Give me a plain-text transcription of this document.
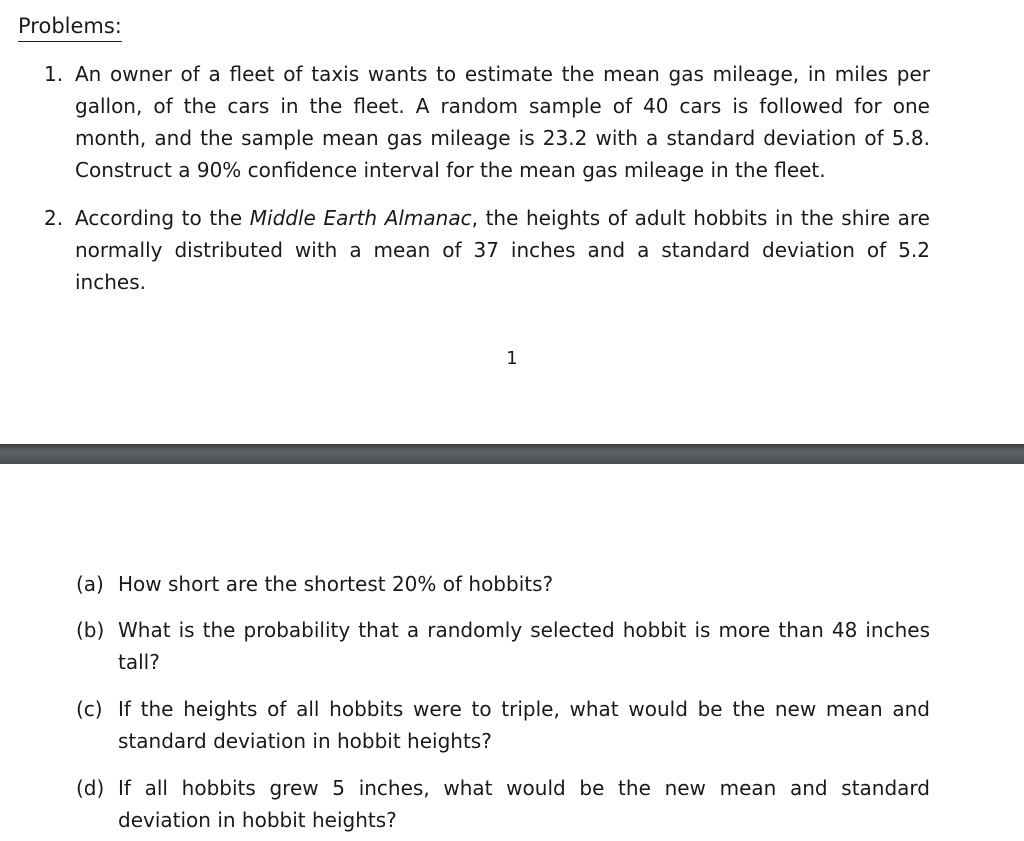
Problems:
1. An owner of a fleet of taxis wants to estimate the mean gas mileage, in miles per gallon, of the cars in the fleet. A random sample of 40 cars is followed for one month, and the sample mean gas mileage is 23.2 with a standard deviation of 5.8. Construct a 90% confidence interval for the mean gas mileage in the fleet.
2. According to the Middle Earth Almanac, the heights of adult hobbits in the shire are normally distributed with a mean of 37 inches and a standard deviation of 5.2 inches.
1
(a) How short are the shortest 20% of hobbits?
(b) What is the probability that a randomly selected hobbit is more than 48 inches tall?
(c) If the heights of all hobbits were to triple, what would be the new mean and standard deviation in hobbit heights?
(d) If all hobbits grew 5 inches, what would be the new mean and standard deviation in hobbit heights?
